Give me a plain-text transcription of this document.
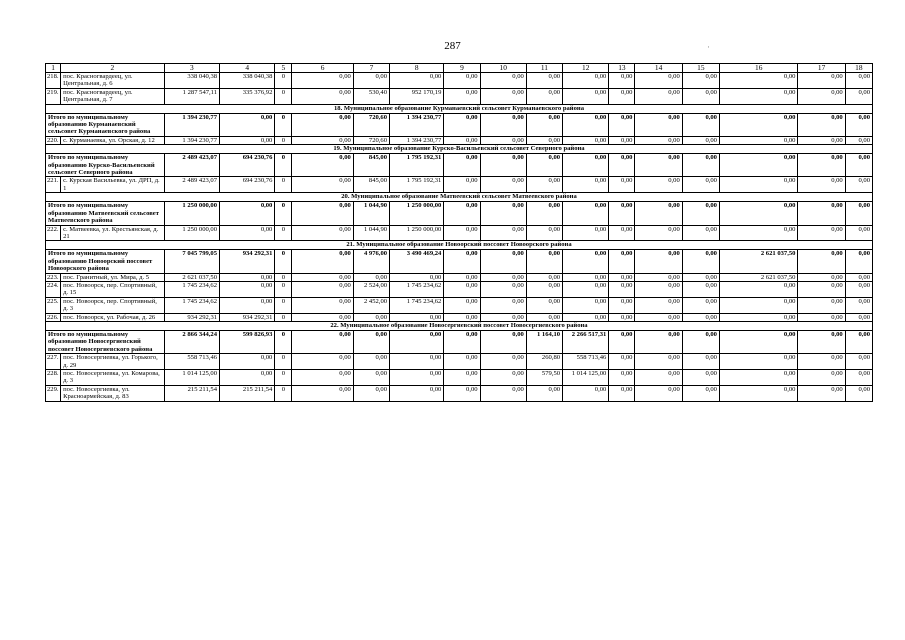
287	·
1	2	3	4	5	6	7	8	9	10	11	12	13	14	15	16	17	18
218.	пос. Красногвардеец, ул. Центральная, д. 6	338 040,38	338 040,38	0	0,00	0,00	0,00	0,00	0,00	0,00	0,00	0,00	0,00	0,00	0,00	0,00	0,00
219.	пос. Красногвардеец, ул. Центральная, д. 7	1 287 547,11	335 376,92	0	0,00	530,40	952 170,19	0,00	0,00	0,00	0,00	0,00	0,00	0,00	0,00	0,00	0,00
18. Муниципальное образование Курманаевский сельсовет Курманаевского района																	
Итого по муниципальному образованию Курманаевский сельсовет Курманаевского района		1 394 230,77	0,00	0	0,00	720,60	1 394 230,77	0,00	0,00	0,00	0,00	0,00	0,00	0,00	0,00	0,00	0,00
220.	с. Курманаевка, ул. Орская, д. 12	1 394 230,77	0,00	0	0,00	720,60	1 394 230,77	0,00	0,00	0,00	0,00	0,00	0,00	0,00	0,00	0,00	0,00
19. Муниципальное образование Курско-Васильевский сельсовет Северного района																	
Итого по муниципальному образованию Курско-Васильевский сельсовет Северного района		2 489 423,07	694 230,76	0	0,00	845,00	1 795 192,31	0,00	0,00	0,00	0,00	0,00	0,00	0,00	0,00	0,00	0,00
221.	с. Курская Васильевка, ул. ДРП, д. 1	2 489 423,07	694 230,76	0	0,00	845,00	1 795 192,31	0,00	0,00	0,00	0,00	0,00	0,00	0,00	0,00	0,00	0,00
20. Муниципальное образование Матвеевский сельсовет Матвеевского района																	
Итого по муниципальному образованию Матвеевский сельсовет Матвеевского района		1 250 000,00	0,00	0	0,00	1 044,90	1 250 000,00	0,00	0,00	0,00	0,00	0,00	0,00	0,00	0,00	0,00	0,00
222.	с. Матвеевка, ул. Крестьянская, д. 21	1 250 000,00	0,00	0	0,00	1 044,90	1 250 000,00	0,00	0,00	0,00	0,00	0,00	0,00	0,00	0,00	0,00	0,00
21. Муниципальное образование Новоорский поссовет Новоорского района																	
Итого по муниципальному образованию Новоорский поссовет Новоорского района		7 045 799,05	934 292,31	0	0,00	4 976,00	3 490 469,24	0,00	0,00	0,00	0,00	0,00	0,00	0,00	2 621 037,50	0,00	0,00
223.	пос. Гранитный, ул. Мира, д. 5	2 621 037,50	0,00	0	0,00	0,00	0,00	0,00	0,00	0,00	0,00	0,00	0,00	0,00	2 621 037,50	0,00	0,00
224.	пос. Новоорск, пер. Спортивный, д. 15	1 745 234,62	0,00	0	0,00	2 524,00	1 745 234,62	0,00	0,00	0,00	0,00	0,00	0,00	0,00	0,00	0,00	0,00
225.	пос. Новоорск, пер. Спортивный, д. 3	1 745 234,62	0,00	0	0,00	2 452,00	1 745 234,62	0,00	0,00	0,00	0,00	0,00	0,00	0,00	0,00	0,00	0,00
226.	пос. Новоорск, ул. Рабочая, д. 26	934 292,31	934 292,31	0	0,00	0,00	0,00	0,00	0,00	0,00	0,00	0,00	0,00	0,00	0,00	0,00	0,00
22. Муниципальное образование Новосергиевский поссовет Новосергиевского района																	
Итого по муниципальному образованию Новосергиевский поссовет Новосергиевского района		2 866 344,24	599 826,93	0	0,00	0,00	0,00	0,00	0,00	1 164,10	2 266 517,31	0,00	0,00	0,00	0,00	0,00	0,00
227.	пос. Новосергиевка, ул. Горького, д. 29	558 713,46	0,00	0	0,00	0,00	0,00	0,00	0,00	260,80	558 713,46	0,00	0,00	0,00	0,00	0,00	0,00
228.	пос. Новосергиевка, ул. Комарова, д. 3	1 014 125,00	0,00	0	0,00	0,00	0,00	0,00	0,00	579,50	1 014 125,00	0,00	0,00	0,00	0,00	0,00	0,00
229.	пос. Новосергиевка, ул. Красноармейская, д. 83	215 211,54	215 211,54	0	0,00	0,00	0,00	0,00	0,00	0,00	0,00	0,00	0,00	0,00	0,00	0,00	0,00
